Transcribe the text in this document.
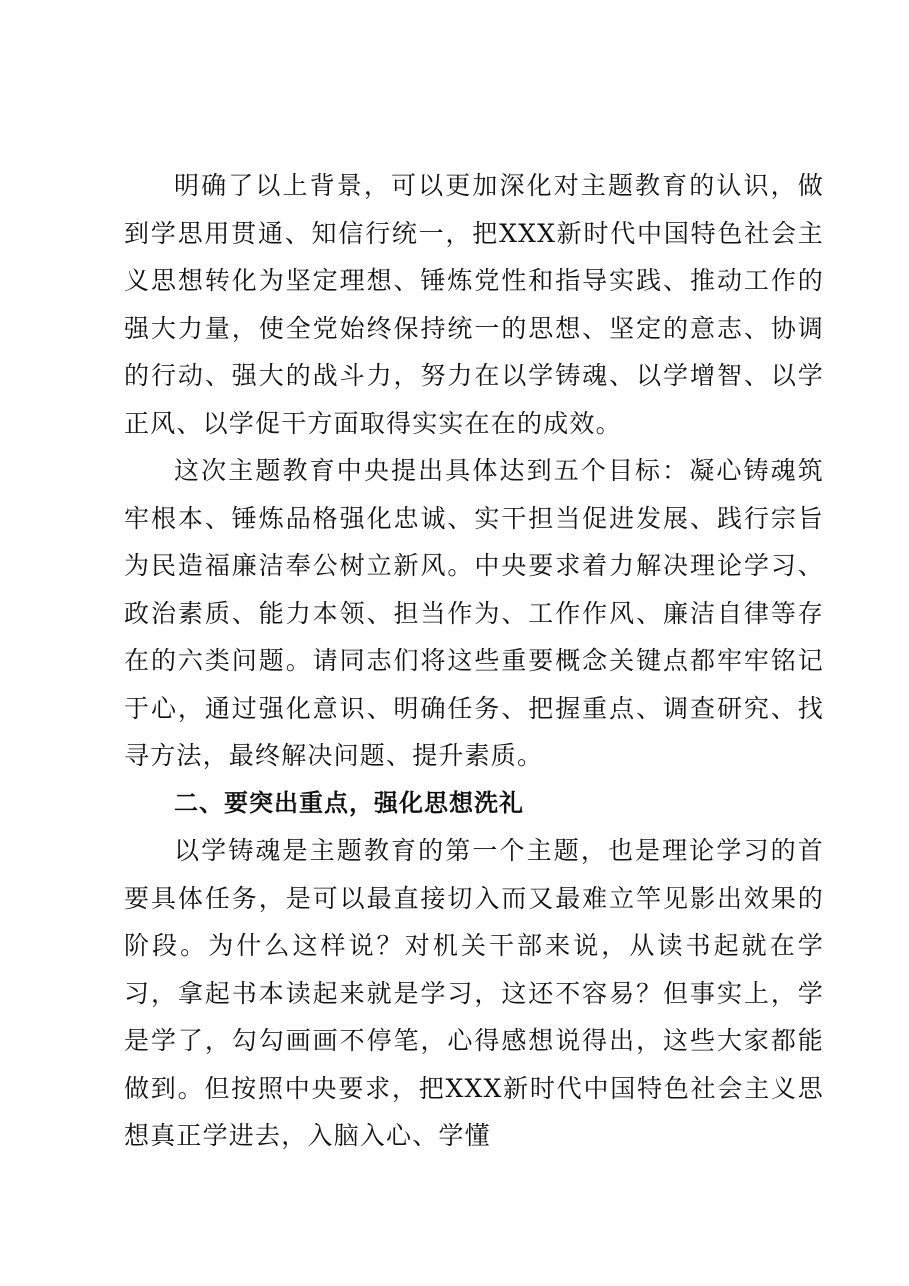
明确了以上背景，可以更加深化对主题教育的认识，做到学思用贯通、知信行统一，把XXX新时代中国特色社会主义思想转化为坚定理想、锤炼党性和指导实践、推动工作的强大力量，使全党始终保持统一的思想、坚定的意志、协调的行动、强大的战斗力，努力在以学铸魂、以学增智、以学正风、以学促干方面取得实实在在的成效。

这次主题教育中央提出具体达到五个目标：凝心铸魂筑牢根本、锤炼品格强化忠诚、实干担当促进发展、践行宗旨为民造福廉洁奉公树立新风。中央要求着力解决理论学习、政治素质、能力本领、担当作为、工作作风、廉洁自律等存在的六类问题。请同志们将这些重要概念关键点都牢牢铭记于心，通过强化意识、明确任务、把握重点、调查研究、找寻方法，最终解决问题、提升素质。

二、要突出重点，强化思想洗礼

以学铸魂是主题教育的第一个主题，也是理论学习的首要具体任务，是可以最直接切入而又最难立竿见影出效果的阶段。为什么这样说？对机关干部来说，从读书起就在学习，拿起书本读起来就是学习，这还不容易？但事实上，学是学了，勾勾画画不停笔，心得感想说得出，这些大家都能做到。但按照中央要求，把XXX新时代中国特色社会主义思想真正学进去，入脑入心、学懂
